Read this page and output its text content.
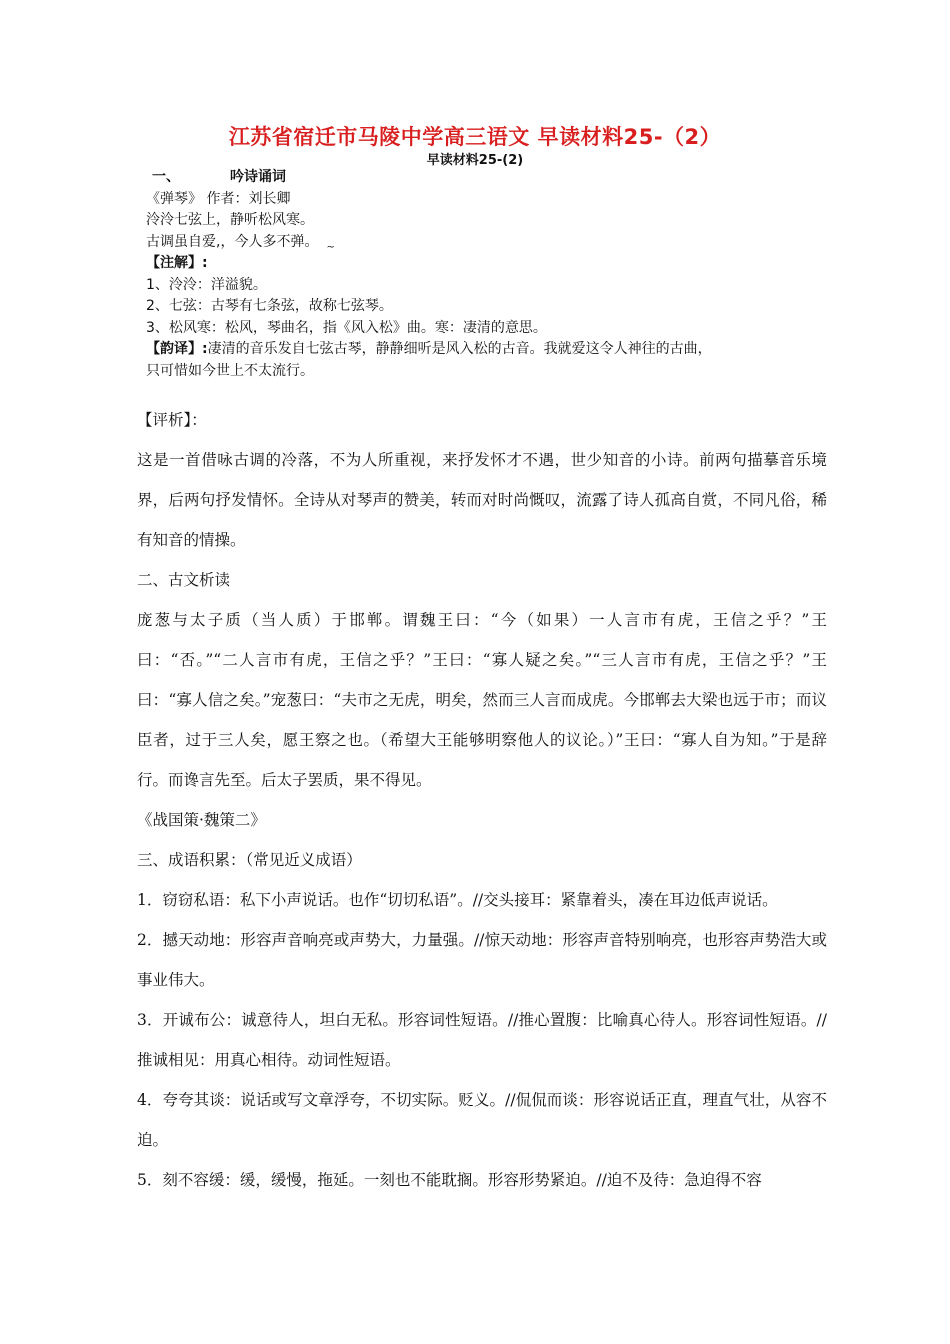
江苏省宿迁市马陵中学高三语文 早读材料25-（2）
早读材料25-(2)
一、	吟诗诵词
《弹琴》 作者：刘长卿
泠泠七弦上，静听松风寒。
古调虽自爱,，今人多不弹。 $_\sim$
【注解】:
1、泠泠：洋溢貌。
2、七弦：古琴有七条弦，故称七弦琴。
3、松风寒：松风，琴曲名，指《风入松》曲。寒：凄清的意思。
【韵译】:凄清的音乐发自七弦古琴，静静细听是风入松的古音。我就爱这令人神往的古曲，
只可惜如今世上不太流行。

【评析】：

这是一首借咏古调的冷落，不为人所重视，来抒发怀才不遇，世少知音的小诗。前两句描摹音乐境界，后两句抒发情怀。全诗从对琴声的赞美，转而对时尚慨叹，流露了诗人孤高自赏，不同凡俗，稀有知音的情操。

二、古文析读

庞葱与太子质（当人质）于邯郸。谓魏王曰：“今（如果）一人言市有虎，王信之乎？”王曰：“否。”“二人言市有虎，王信之乎？”王曰：“寡人疑之矣。”“三人言市有虎，王信之乎？”王曰：“寡人信之矣。”宠葱曰：“夫市之无虎，明矣，然而三人言而成虎。今邯郸去大梁也远于市；而议臣者，过于三人矣，愿王察之也。（希望大王能够明察他人的议论。）”王曰：“寡人自为知。”于是辞行。而谗言先至。后太子罢质，果不得见。

《战国策·魏策二》

三、成语积累：（常见近义成语）

1．窃窃私语：私下小声说话。也作“切切私语”。//交头接耳：紧靠着头，凑在耳边低声说话。

2．撼天动地：形容声音响亮或声势大，力量强。//惊天动地：形容声音特别响亮，也形容声势浩大或事业伟大。

3．开诚布公：诚意待人，坦白无私。形容词性短语。//推心置腹：比喻真心待人。形容词性短语。//推诚相见：用真心相待。动词性短语。

4．夸夸其谈：说话或写文章浮夸，不切实际。贬义。//侃侃而谈：形容说话正直，理直气壮，从容不迫。

5．刻不容缓：缓，缓慢，拖延。一刻也不能耽搁。形容形势紧迫。//迫不及待：急迫得不容
